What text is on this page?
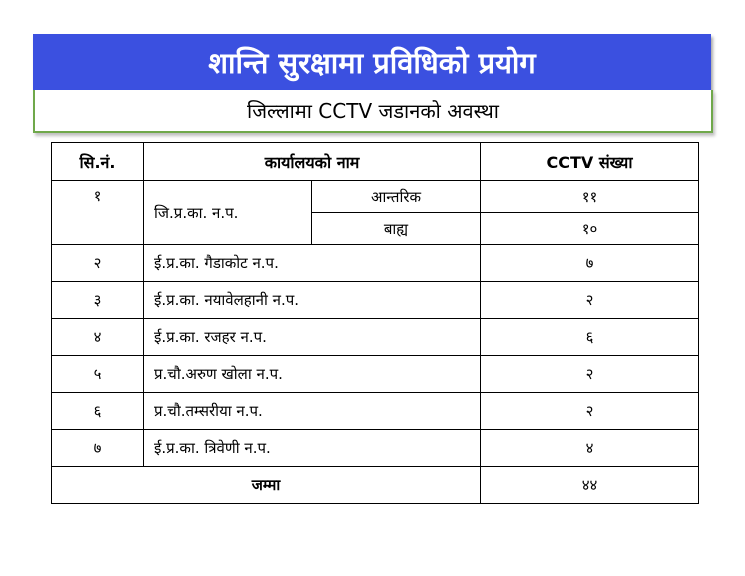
शान्ति सुरक्षामा प्रविधिको प्रयोग
जिल्लामा CCTV जडानको अवस्था
सि.नं.	कार्यालयको नाम		CCTV संख्या
१	जि.प्र.का. न.प.	आन्तरिक	११
		बाह्य	१०
२	ई.प्र.का. गैडाकोट न.प.		७
३	ई.प्र.का. नयावेलहानी न.प.		२
४	ई.प्र.का. रजहर न.प.		६
५	प्र.चौ.अरुण खोला न.प.		२
६	प्र.चौ.तम्सरीया न.प.		२
७	ई.प्र.का. त्रिवेणी न.प.		४
जम्मा			४४
